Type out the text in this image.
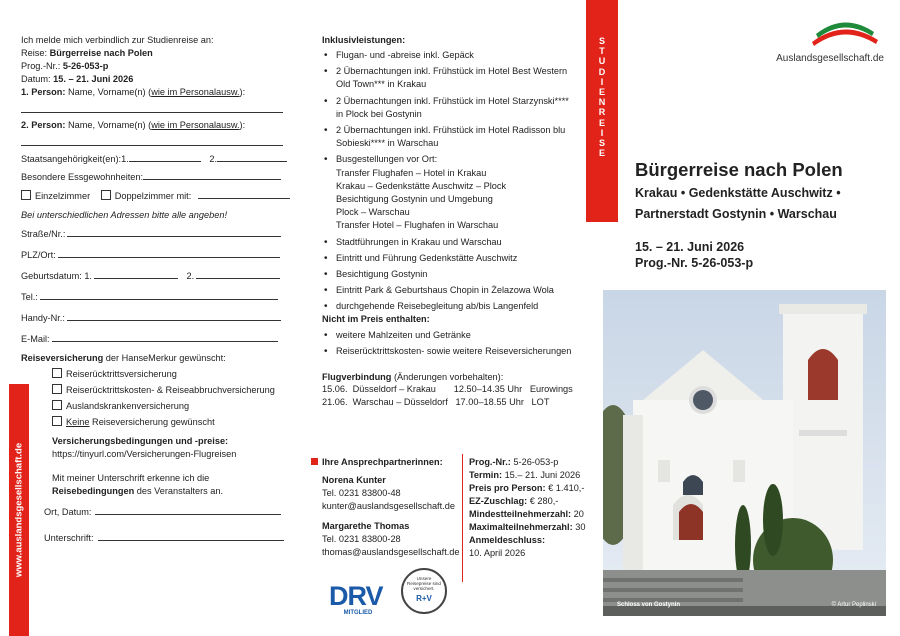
Ich melde mich verbindlich zur Studienreise an:
Reise: Bürgerreise nach Polen
Prog.-Nr.: 5-26-053-p
Datum: 15. – 21. Juni 2026
1. Person: Name, Vorname(n) (wie im Personalausw.):
2. Person: Name, Vorname(n) (wie im Personalausw.):
Staatsangehörigkeit(en):1.	2.
Besondere Essgewohnheiten:
Einzelzimmer	Doppelzimmer mit:
Bei unterschiedlichen Adressen bitte alle angeben!
Straße/Nr.:
PLZ/Ort:
Geburtsdatum: 1.	2.
Tel.:
Handy-Nr.:
E-Mail:
Reiseversicherung der HanseMerkur gewünscht:
Reiserücktrittsversicherung
Reiserücktrittskosten- & Reiseabbruchversicherung
Auslandskrankenversicherung
Keine Reiseversicherung gewünscht
Versicherungsbedingungen und -preise:
https://tinyurl.com/Versicherungen-Flugreisen
Mit meiner Unterschrift erkenne ich die
Reisebedingungen des Veranstalters an.
Ort, Datum:
Unterschrift:
www.auslandsgesellschaft.de
Inklusivleistungen:
• Flugan- und -abreise inkl. Gepäck
• 2 Übernachtungen inkl. Frühstück im Hotel Best Western
Old Town*** in Krakau
• 2 Übernachtungen inkl. Frühstück im Hotel Starzynski****
in Plock bei Gostynin
• 2 Übernachtungen inkl. Frühstück im Hotel Radisson blu
Sobieski**** in Warschau
• Busgestellungen vor Ort:
Transfer Flughafen – Hotel in Krakau
Krakau – Gedenkstätte Auschwitz – Plock
Besichtigung Gostynin und Umgebung
Plock – Warschau
Transfer Hotel – Flughafen in Warschau
• Stadtführungen in Krakau und Warschau
• Eintritt und Führung Gedenkstätte Auschwitz
• Besichtigung Gostynin
• Eintritt Park & Geburtshaus Chopin in Żelazowa Wola
• durchgehende Reisebegleitung ab/bis Langenfeld
Nicht im Preis enthalten:
• weitere Mahlzeiten und Getränke
• Reiserücktrittskosten- sowie weitere Reiseversicherungen
Flugverbindung (Änderungen vorbehalten):
15.06.  Düsseldorf – Krakau       12.50–14.35 Uhr   Eurowings
21.06.  Warschau – Düsseldorf   17.00–18.55 Uhr   LOT
Ihre Ansprechpartnerinnen:
Norena Kunter
Tel. 0231 83800-48
kunter@auslandsgesellschaft.de
Margarethe Thomas
Tel. 0231 83800-28
thomas@auslandsgesellschaft.de
DRV
MITGLIED
Unsere Reisepreise sind versichert.
R+V
Prog.-Nr.: 5-26-053-p
Termin: 15.– 21. Juni 2026
Preis pro Person: € 1.410,-
EZ-Zuschlag: € 280,-
Mindestteilnehmerzahl: 20
Maximalteilnehmerzahl: 30
Anmeldeschluss:
10. April 2026
S
T
U
D
I
E
N
R
E
I
S
E
Auslandsgesellschaft.de
Bürgerreise nach Polen
Krakau • Gedenkstätte Auschwitz •
Partnerstadt Gostynin • Warschau
15. – 21. Juni 2026
Prog.-Nr. 5-26-053-p
Schloss von Gostynin	© Artur Peplinski
